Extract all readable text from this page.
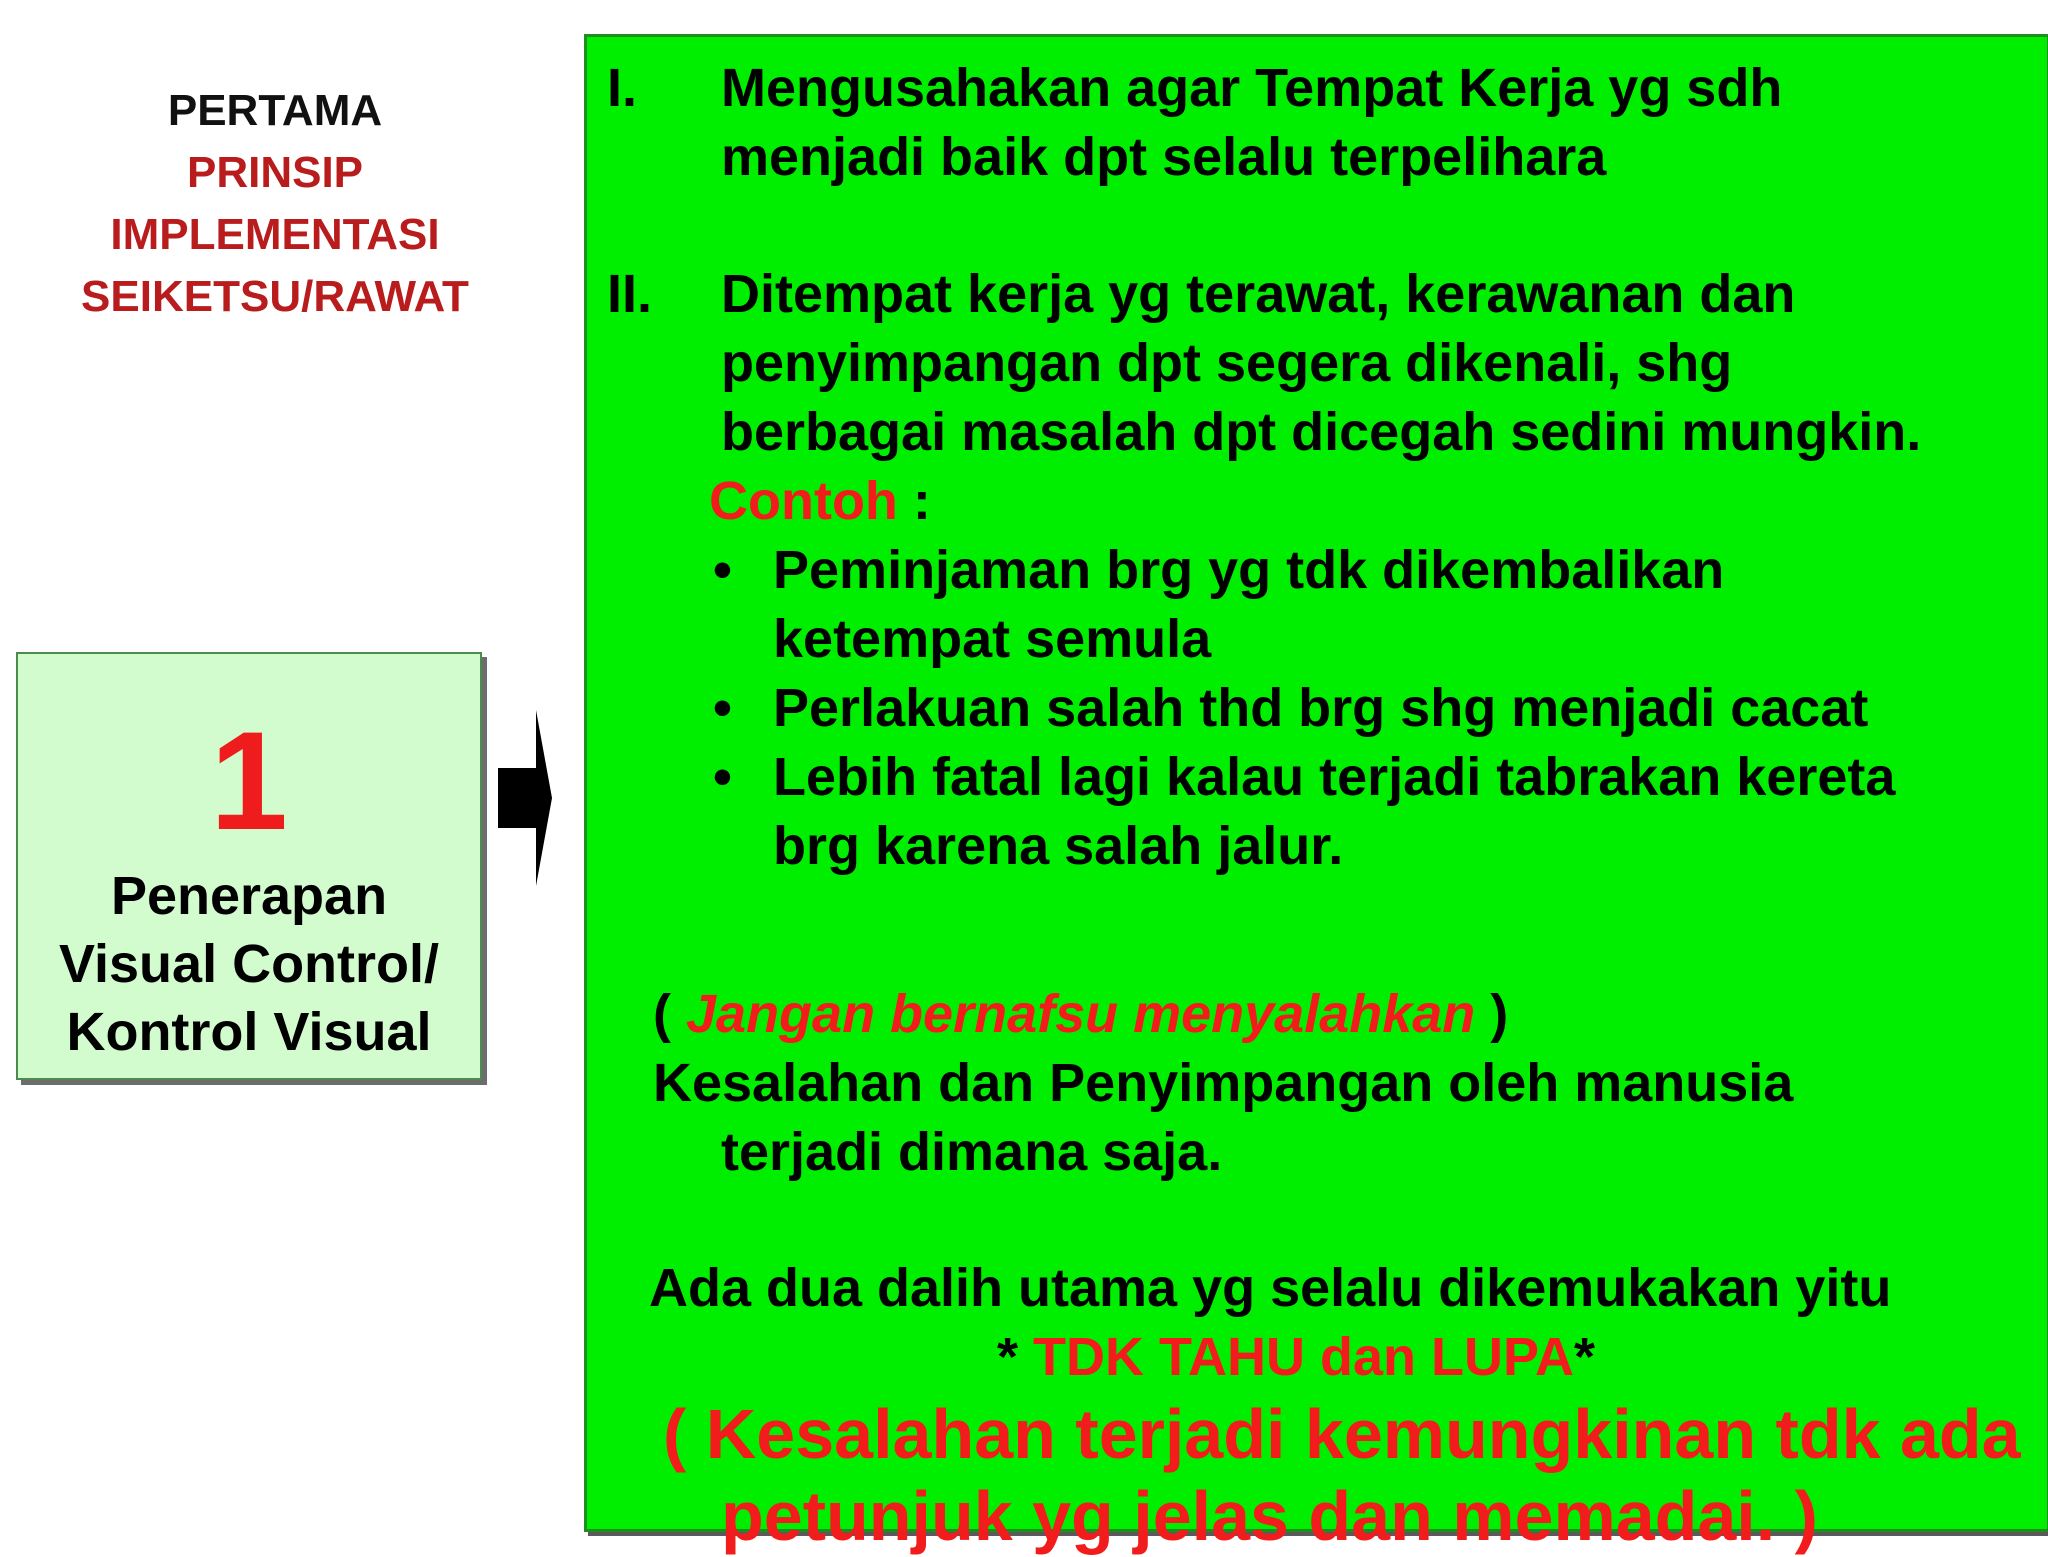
PERTAMA
PRINSIP
IMPLEMENTASI
SEIKETSU/RAWAT
1
Penerapan
Visual Control/
Kontrol Visual
I. Mengusahakan agar Tempat Kerja yg sdh
menjadi baik dpt selalu terpelihara
II. Ditempat kerja yg terawat, kerawanan dan
penyimpangan dpt segera dikenali, shg
berbagai masalah dpt dicegah sedini mungkin.
Contoh :
• Peminjaman brg yg tdk dikembalikan
ketempat semula
• Perlakuan salah thd brg shg menjadi cacat
• Lebih fatal lagi kalau terjadi tabrakan kereta
brg karena salah jalur.
( Jangan bernafsu menyalahkan )
Kesalahan dan Penyimpangan oleh manusia
terjadi dimana saja.
Ada dua dalih utama yg selalu dikemukakan yitu
* TDK TAHU dan LUPA*
( Kesalahan terjadi kemungkinan tdk ada
petunjuk yg jelas dan memadai. )
